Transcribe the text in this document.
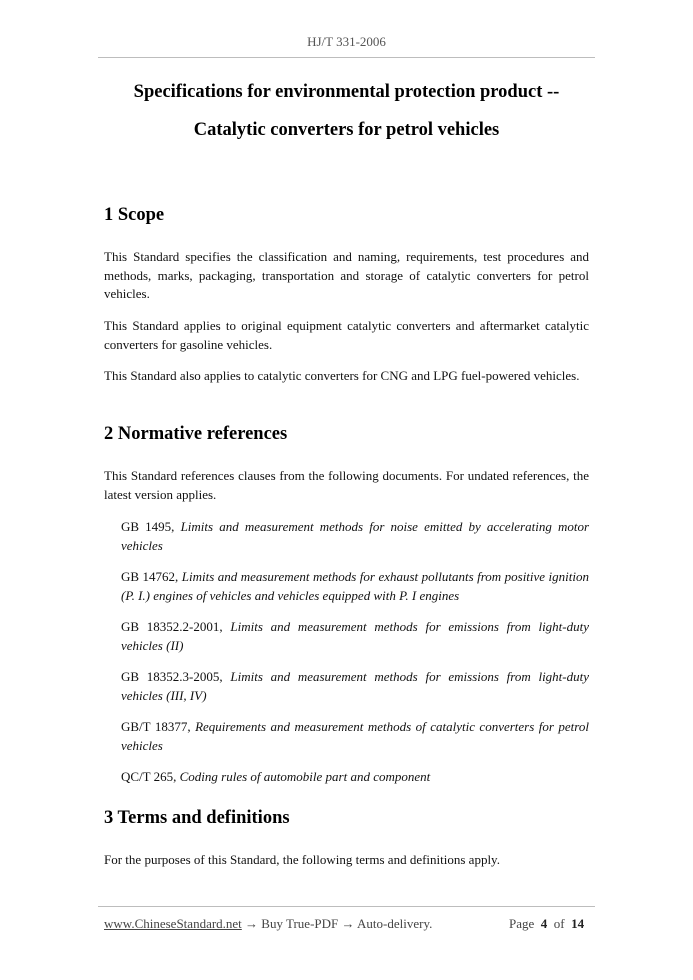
HJ/T 331-2006
Specifications for environmental protection product --
Catalytic converters for petrol vehicles
1 Scope
This Standard specifies the classification and naming, requirements, test procedures and methods, marks, packaging, transportation and storage of catalytic converters for petrol vehicles.
This Standard applies to original equipment catalytic converters and aftermarket catalytic converters for gasoline vehicles.
This Standard also applies to catalytic converters for CNG and LPG fuel-powered vehicles.
2 Normative references
This Standard references clauses from the following documents. For undated references, the latest version applies.
GB 1495, Limits and measurement methods for noise emitted by accelerating motor vehicles
GB 14762, Limits and measurement methods for exhaust pollutants from positive ignition (P. I.) engines of vehicles and vehicles equipped with P. I engines
GB 18352.2-2001, Limits and measurement methods for emissions from light-duty vehicles (II)
GB 18352.3-2005, Limits and measurement methods for emissions from light-duty vehicles (III, IV)
GB/T 18377, Requirements and measurement methods of catalytic converters for petrol vehicles
QC/T 265, Coding rules of automobile part and component
3 Terms and definitions
For the purposes of this Standard, the following terms and definitions apply.
www.ChineseStandard.net → Buy True-PDF → Auto-delivery.	Page 4 of 14
